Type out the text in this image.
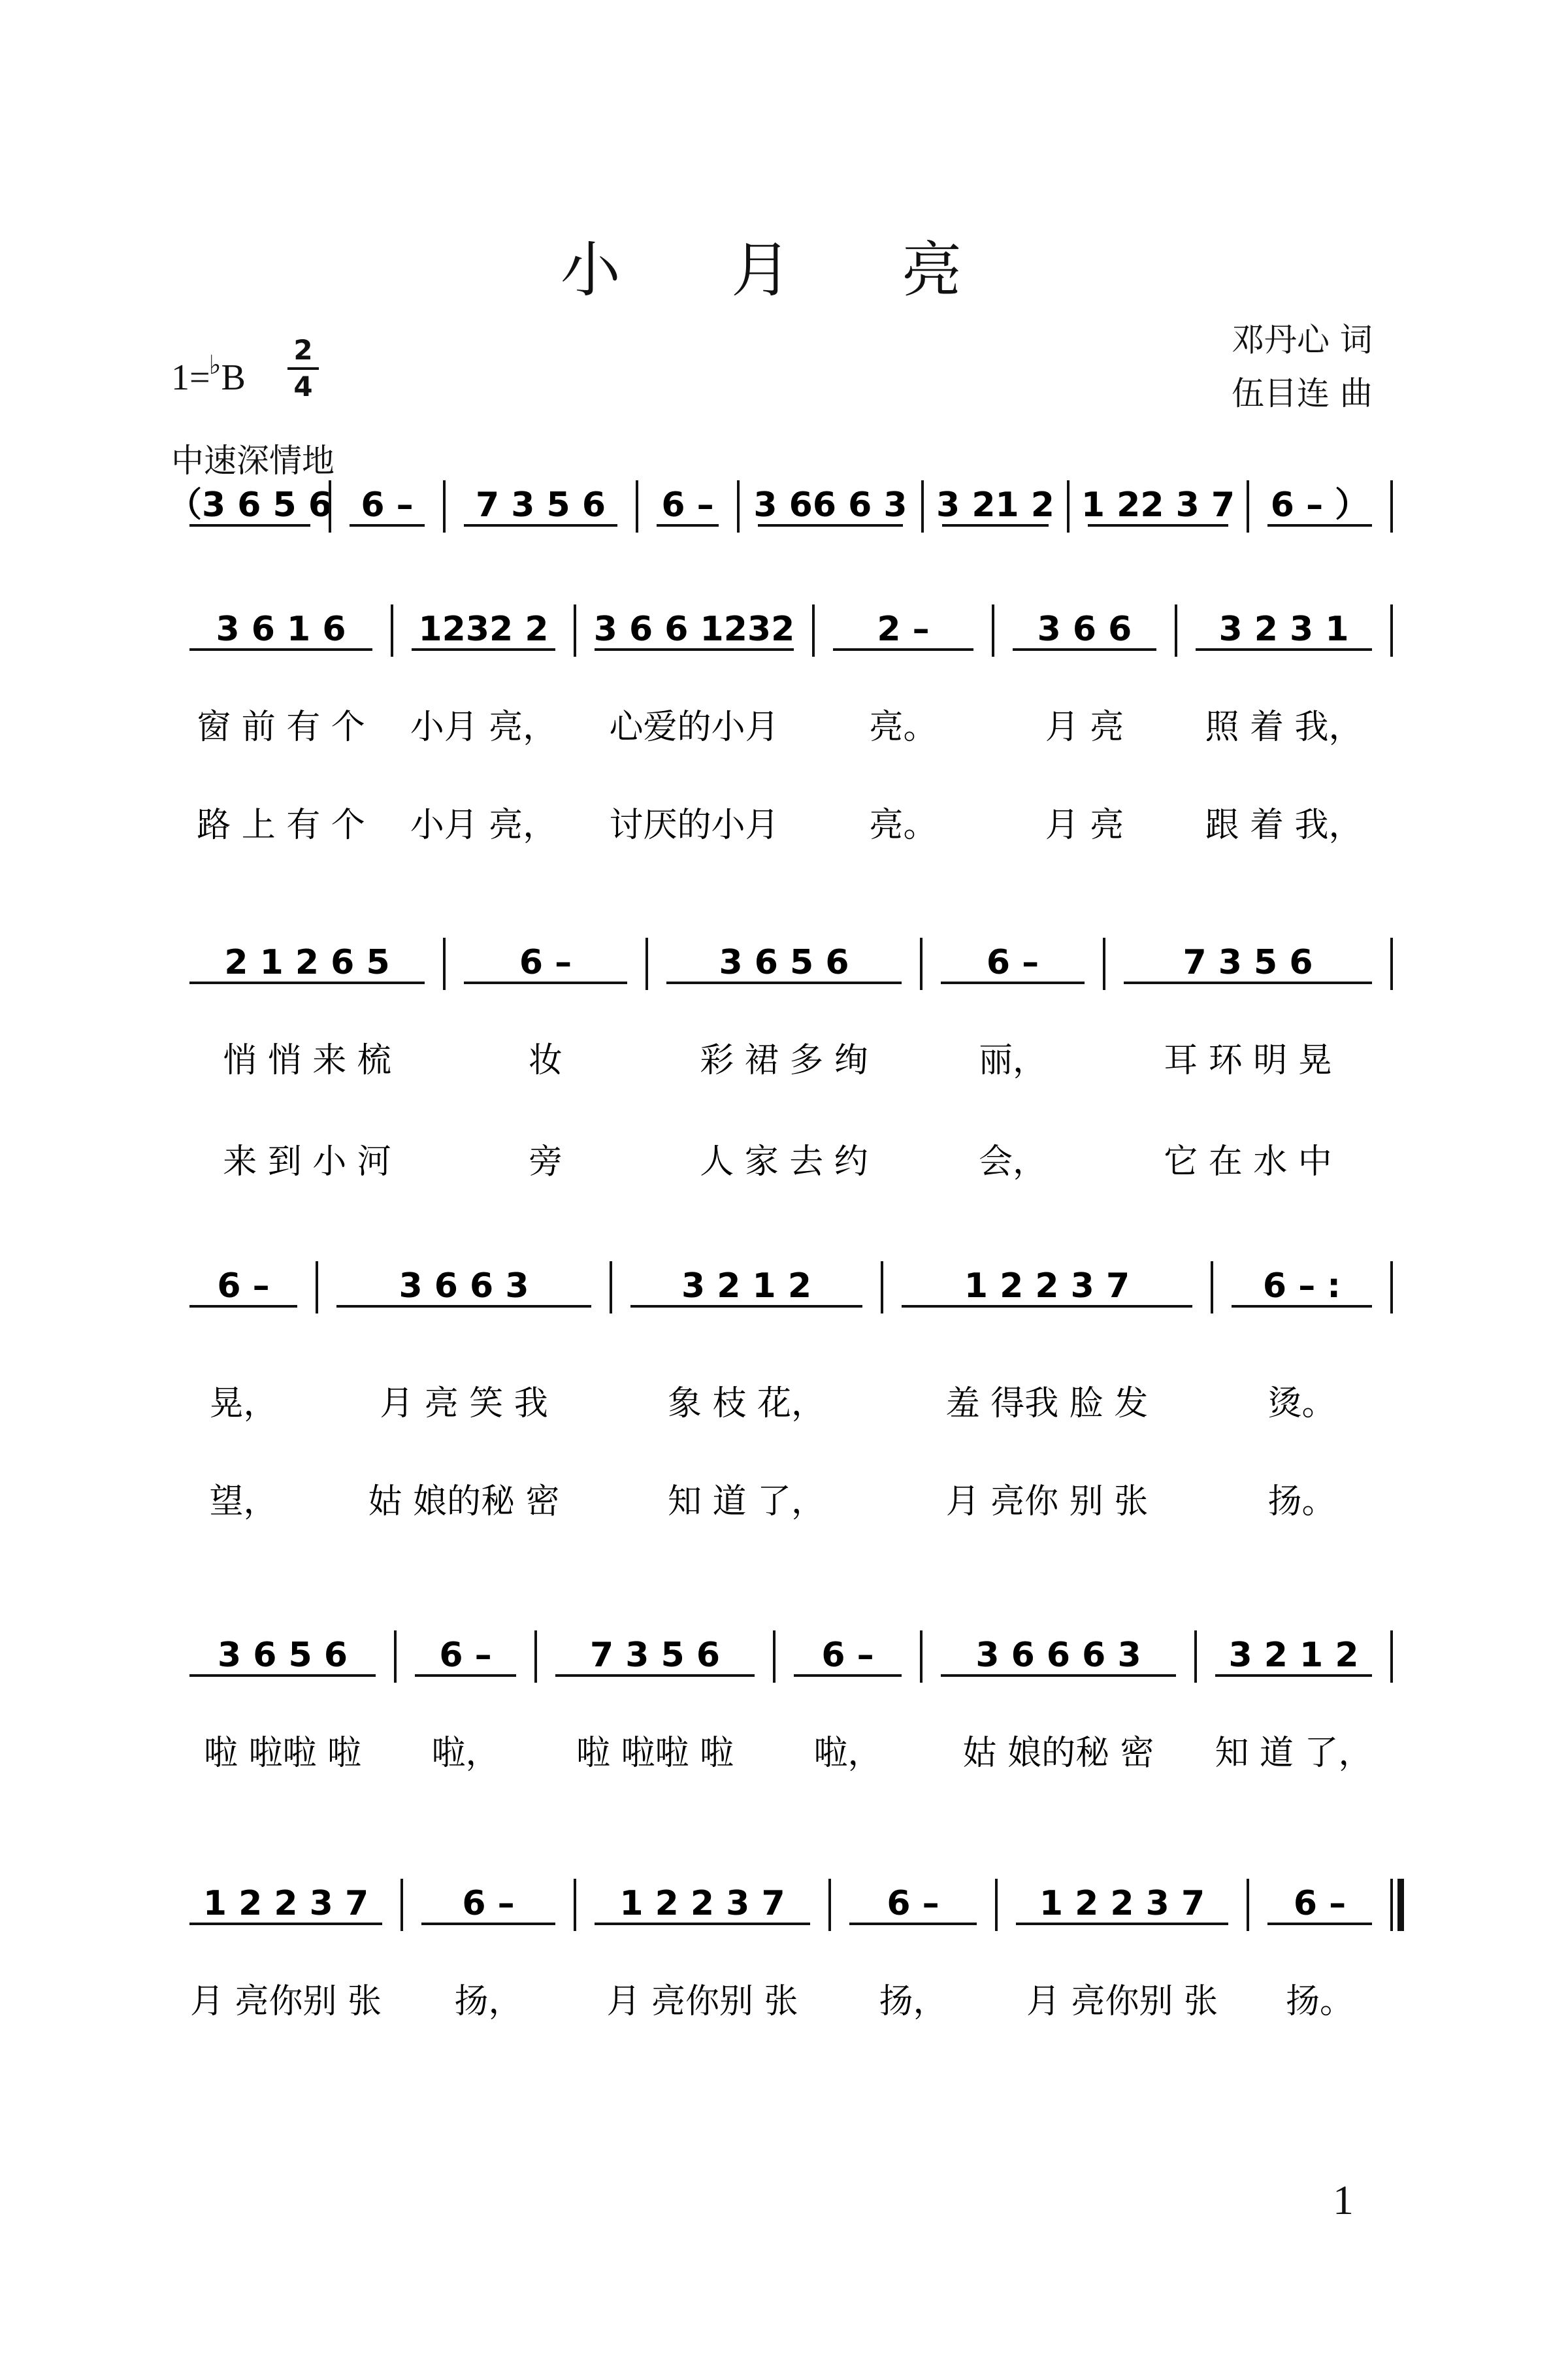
小 月 亮
1=♭B
2
4
邓丹心 词
伍目连 曲
中速深情地
（3 6 5 6 6 – 7 3 5 6 6 – 3 66 6 3 3 21 2 1 22 3 7 6 – ）
3 6 1 6
窗 前 有 个
路 上 有 个
1232 2
小月 亮，
小月 亮，
3 6 6 1232
心爱的小月
讨厌的小月
2 –
亮。
亮。
3 6 6
月 亮
月 亮
3 2 3 1
照 着 我，
跟 着 我，
2 1 2 6 5
悄 悄 来 梳
来 到 小 河
6 –
妆
旁
3 6 5 6
彩 裙 多 绚
人 家 去 约
6 –
丽，
会，
7 3 5 6
耳 环 明 晃
它 在 水 中
6 –
晃，
望，
3 6 6 3
月 亮 笑 我
姑 娘的秘 密
3 2 1 2
象 枝 花，
知 道 了，
1 2 2 3 7
羞 得我 脸 发
月 亮你 别 张
6 – :
烫。
扬。
3 6 5 6
啦 啦啦 啦
6 –
啦，
7 3 5 6
啦 啦啦 啦
6 –
啦，
3 6 6 6 3
姑 娘的秘 密
3 2 1 2
知 道 了，
1 2 2 3 7
月 亮你别 张
6 –
扬，
1 2 2 3 7
月 亮你别 张
6 –
扬，
1 2 2 3 7
月 亮你别 张
6 –
扬。
1
